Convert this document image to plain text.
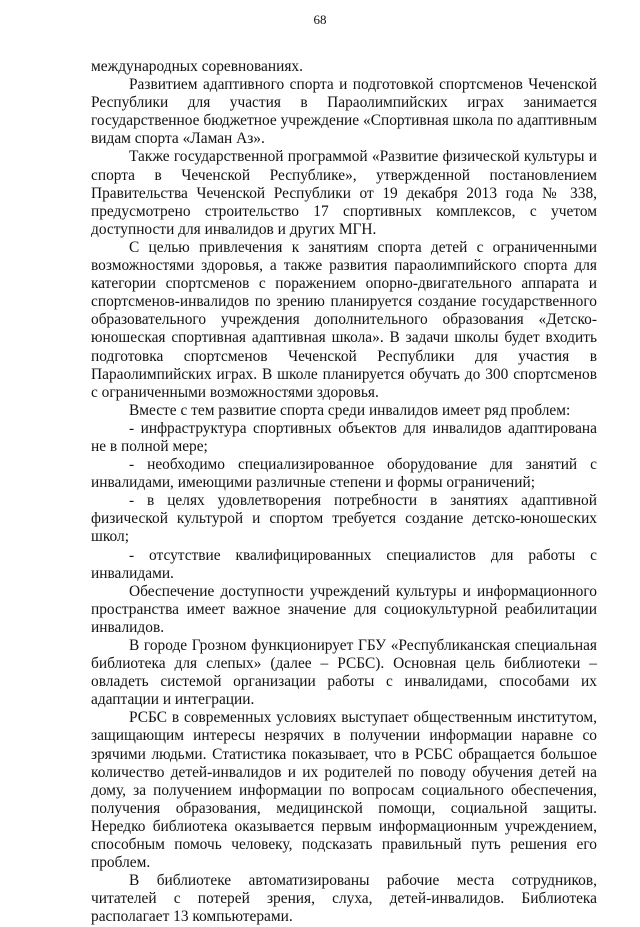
68

международных соревнованиях.

Развитием адаптивного спорта и подготовкой спортсменов Чеченской Республики для участия в Параолимпийских играх занимается государственное бюджетное учреждение «Спортивная школа по адаптивным видам спорта «Ламан Аз».

Также государственной программой «Развитие физической культуры и спорта в Чеченской Республике», утвержденной постановлением Правительства Чеченской Республики от 19 декабря 2013 года № 338, предусмотрено строительство 17 спортивных комплексов, с учетом доступности для инвалидов и других МГН.

С целью привлечения к занятиям спорта детей с ограниченными возможностями здоровья, а также развития параолимпийского спорта для категории спортсменов с поражением опорно-двигательного аппарата и спортсменов-инвалидов по зрению планируется создание государственного образовательного учреждения дополнительного образования «Детско-юношеская спортивная адаптивная школа». В задачи школы будет входить подготовка спортсменов Чеченской Республики для участия в Параолимпийских играх. В школе планируется обучать до 300 спортсменов с ограниченными возможностями здоровья.

Вместе с тем развитие спорта среди инвалидов имеет ряд проблем:

- инфраструктура спортивных объектов для инвалидов адаптирована не в полной мере;

- необходимо специализированное оборудование для занятий с инвалидами, имеющими различные степени и формы ограничений;

- в целях удовлетворения потребности в занятиях адаптивной физической культурой и спортом требуется создание детско-юношеских школ;

- отсутствие квалифицированных специалистов для работы с инвалидами.

Обеспечение доступности учреждений культуры и информационного пространства имеет важное значение для социокультурной реабилитации инвалидов.

В городе Грозном функционирует ГБУ «Республиканская специальная библиотека для слепых» (далее – РСБС). Основная цель библиотеки – овладеть системой организации работы с инвалидами, способами их адаптации и интеграции.

РСБС в современных условиях выступает общественным институтом, защищающим интересы незрячих в получении информации наравне со зрячими людьми. Статистика показывает, что в РСБС обращается большое количество детей-инвалидов и их родителей по поводу обучения детей на дому, за получением информации по вопросам социального обеспечения, получения образования, медицинской помощи, социальной защиты. Нередко библиотека оказывается первым информационным учреждением, способным помочь человеку, подсказать правильный путь решения его проблем.

В библиотеке автоматизированы рабочие места сотрудников, читателей с потерей зрения, слуха, детей-инвалидов. Библиотека располагает 13 компьютерами.
